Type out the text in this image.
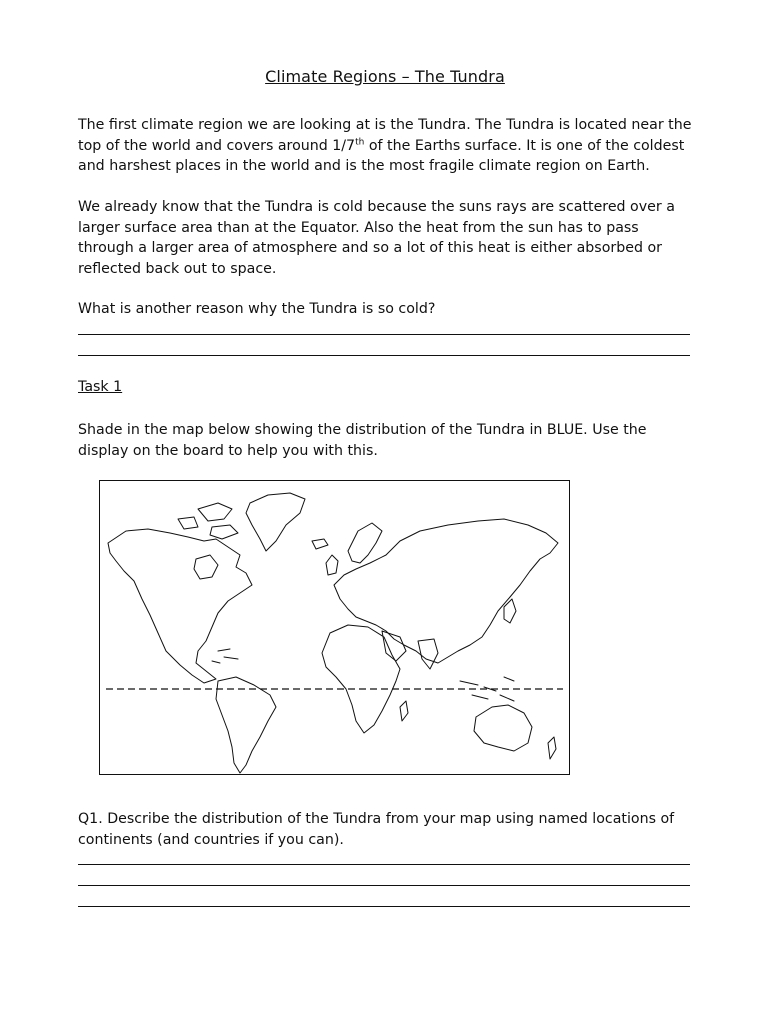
Climate Regions – The Tundra
The first climate region we are looking at is the Tundra. The Tundra is located near the top of the world and covers around 1/7th of the Earths surface. It is one of the coldest and harshest places in the world and is the most fragile climate region on Earth.
We already know that the Tundra is cold because the suns rays are scattered over a larger surface area than at the Equator. Also the heat from the sun has to pass through a larger area of atmosphere and so a lot of this heat is either absorbed or reflected back out to space.
What is another reason why the Tundra is so cold?
Task 1
Shade in the map below showing the distribution of the Tundra in BLUE. Use the display on the board to help you with this.
Q1. Describe the distribution of the Tundra from your map using named locations of continents (and countries if you can).
